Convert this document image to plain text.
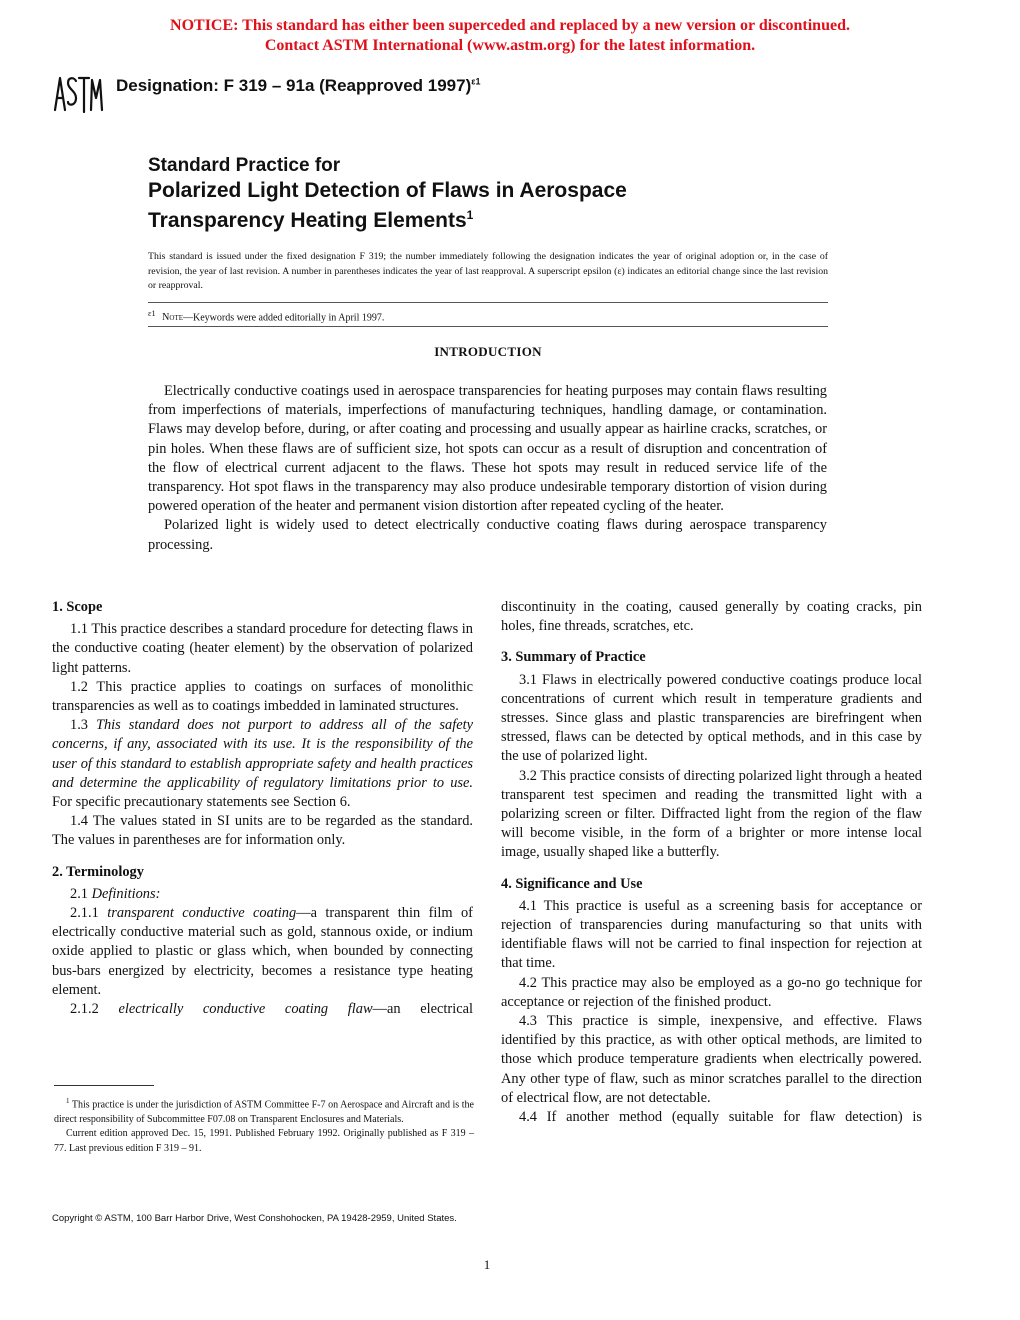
NOTICE: This standard has either been superceded and replaced by a new version or discontinued.
Contact ASTM International (www.astm.org) for the latest information.
Designation: F 319 – 91a (Reapproved 1997)$^{\varepsilon 1}$
Standard Practice for
Polarized Light Detection of Flaws in Aerospace
Transparency Heating Elements$^1$
This standard is issued under the fixed designation F 319; the number immediately following the designation indicates the year of original adoption or, in the case of revision, the year of last revision. A number in parentheses indicates the year of last reapproval. A superscript epsilon (ε) indicates an editorial change since the last revision or reapproval.
$^{\varepsilon 1}$ Note—Keywords were added editorially in April 1997.
INTRODUCTION

Electrically conductive coatings used in aerospace transparencies for heating purposes may contain flaws resulting from imperfections of materials, imperfections of manufacturing techniques, handling damage, or contamination. Flaws may develop before, during, or after coating and processing and usually appear as hairline cracks, scratches, or pin holes. When these flaws are of sufficient size, hot spots can occur as a result of disruption and concentration of the flow of electrical current adjacent to the flaws. These hot spots may result in reduced service life of the transparency. Hot spot flaws in the transparency may also produce undesirable temporary distortion of vision during powered operation of the heater and permanent vision distortion after repeated cycling of the heater.

Polarized light is widely used to detect electrically conductive coating flaws during aerospace transparency processing.

1. Scope

1.1 This practice describes a standard procedure for detecting flaws in the conductive coating (heater element) by the observation of polarized light patterns.

1.2 This practice applies to coatings on surfaces of monolithic transparencies as well as to coatings imbedded in laminated structures.

1.3 This standard does not purport to address all of the safety concerns, if any, associated with its use. It is the responsibility of the user of this standard to establish appropriate safety and health practices and determine the applicability of regulatory limitations prior to use. For specific precautionary statements see Section 6.

1.4 The values stated in SI units are to be regarded as the standard. The values in parentheses are for information only.

2. Terminology

2.1 Definitions:

2.1.1 transparent conductive coating—a transparent thin film of electrically conductive material such as gold, stannous oxide, or indium oxide applied to plastic or glass which, when bounded by connecting bus-bars energized by electricity, becomes a resistance type heating element.

2.1.2 electrically conductive coating flaw—an electrical

discontinuity in the coating, caused generally by coating cracks, pin holes, fine threads, scratches, etc.

3. Summary of Practice

3.1 Flaws in electrically powered conductive coatings produce local concentrations of current which result in temperature gradients and stresses. Since glass and plastic transparencies are birefringent when stressed, flaws can be detected by optical methods, and in this case by the use of polarized light.

3.2 This practice consists of directing polarized light through a heated transparent test specimen and reading the transmitted light with a polarizing screen or filter. Diffracted light from the region of the flaw will become visible, in the form of a brighter or more intense local image, usually shaped like a butterfly.

4. Significance and Use

4.1 This practice is useful as a screening basis for acceptance or rejection of transparencies during manufacturing so that units with identifiable flaws will not be carried to final inspection for rejection at that time.

4.2 This practice may also be employed as a go-no go technique for acceptance or rejection of the finished product.

4.3 This practice is simple, inexpensive, and effective. Flaws identified by this practice, as with other optical methods, are limited to those which produce temperature gradients when electrically powered. Any other type of flaw, such as minor scratches parallel to the direction of electrical flow, are not detectable.

4.4 If another method (equally suitable for flaw detection) is

$^1$ This practice is under the jurisdiction of ASTM Committee F-7 on Aerospace and Aircraft and is the direct responsibility of Subcommittee F07.08 on Transparent Enclosures and Materials.

Current edition approved Dec. 15, 1991. Published February 1992. Originally published as F 319 – 77. Last previous edition F 319 – 91.

Copyright © ASTM, 100 Barr Harbor Drive, West Conshohocken, PA 19428-2959, United States.
1
